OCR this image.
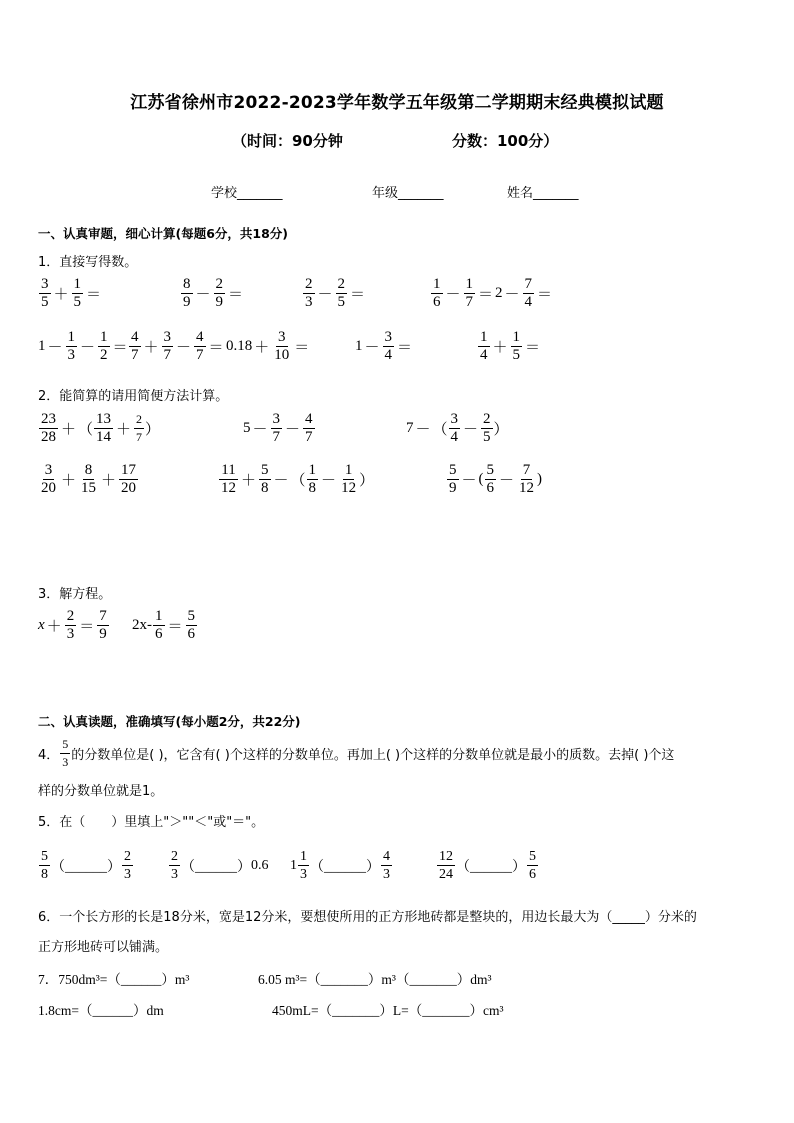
江苏省徐州市2022-2023学年数学五年级第二学期期末经典模拟试题
（时间：90分钟	分数：100分）
学校_______	年级_______	姓名_______
一、认真审题，细心计算(每题6分，共18分)
1．直接写得数。
3
5 ＋
1
5 ＝
8
9 －
2
9 ＝
2
3 －
2
5 ＝
1
6 －
1
7 ＝ 2 －
7
4 ＝
1 －
1
3 －
1
2 ＝
4
7 ＋
3
7 －
4
7 ＝ 0.18 ＋
3
10 ＝	1 －
3
4 ＝
1
4 ＋
1
5 ＝
2．能简算的请用简便方法计算。
23
28 ＋ （
13
14 ＋
2
7 ）	5 －
3
7 －
4
7
7 － （
3
4 －
2
5 ）
3
20 ＋
8
15 ＋
17
20
11
12 ＋
5
8 － （
1
8 －
1
12 ）
5
9 － (
5
6 －
7
12
)
3．解方程。
x ＋
2
3 ＝
7
9
2x -
1
6 ＝
5
6
二、认真读题，准确填写(每小题2分，共22分)
4．
5
3 的分数单位是( )，它含有( )个这样的分数单位。再加上( )个这样的分数单位就是最小的质数。去掉( )个这
样的分数单位就是1。
5．在（　　）里填上"＞""＜"或"＝"。
5
8 （______）
2
3
2
3 （______） 0.6 1
1
3 （______）
4
3
12
24 （______）
5
6
6．一个长方形的长是18分米，宽是12分米，要想使所用的正方形地砖都是整块的，用边长最大为（_____）分米的
正方形地砖可以铺满。
7．750dm³=（______）m³	6.05 m³=（_______）m³（_______）dm³
1.8cm=（______）dm	450mL=（_______）L=（_______）cm³
